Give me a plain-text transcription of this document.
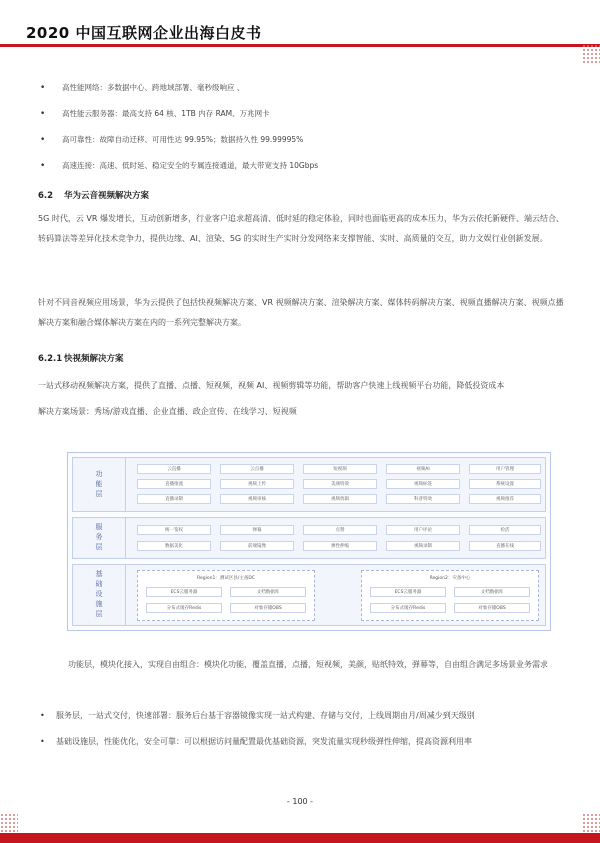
2020 中国互联网企业出海白皮书
• 高性能网络：多数据中心、跨地域部署、毫秒级响应 、
• 高性能云服务器：最高支持 64 核、1TB 内存 RAM、万兆网卡
• 高可靠性：故障自动迁移、可用性达 99.95%；数据持久性 99.99995%
• 高速连接：高速、低时延、稳定安全的专属连接通道，最大带宽支持 10Gbps
6.2 华为云音视频解决方案

5G 时代，云 VR 爆发增长，互动创新增多，行业客户追求超高清、低时延的稳定体验，同时也面临更高的成本压力，华为云依托新硬件、端云结合、转码算法等差异化技术竞争力，提供边缘、AI、渲染、5G 的实时生产实时分发网络来支撑智能、实时、高质量的交互，助力文娱行业创新发展。

针对不同音视频应用场景，华为云提供了包括快视频解决方案、VR 视频解决方案、渲染解决方案、媒体转码解决方案、视频直播解决方案、视频点播解决方案和融合媒体解决方案在内的一系列完整解决方案。

6.2.1 快视频解决方案

一站式移动视频解决方案，提供了直播、点播、短视频，视频 AI、视频剪辑等功能，帮助客户快速上线视频平台功能，降低投资成本

解决方案场景：秀场/游戏直播、企业直播、政企宣传、在线学习、短视频

功能层	云直播	云点播	短视频	视频AI	用户管理
直播推流	视频上传	美颜特效	视频标签	系统设置
直播录制	视频审核	视频剪辑	科普特效	视频推荐
服务层	统一鉴权	弹幕	点赞	用户评论	检活
数据美化	前端镜像	弹性伸缩	视频录制	直播在线
基础设施层	Region1：测试区县/主备DC
ECS云服务器	文档数据库
分布式缓存Redis	对象存储OBS
Region2：灾备中心
ECS云服务器	文档数据库
分布式缓存Redis	对象存储OBS

功能层，模块化接入，实现自由组合：模块化功能，覆盖直播，点播，短视频，美颜，贴纸特效，弹幕等，自由组合满足多场景业务需求

• 服务层，一站式交付，快速部署：服务后台基于容器镜像实现一站式构建、存储与交付，上线周期由月/周减少到天级别
• 基础设施层，性能优化，安全可靠：可以根据访问量配置最优基础资源，突发流量实现秒级弹性伸缩，提高资源利用率

- 100 -
